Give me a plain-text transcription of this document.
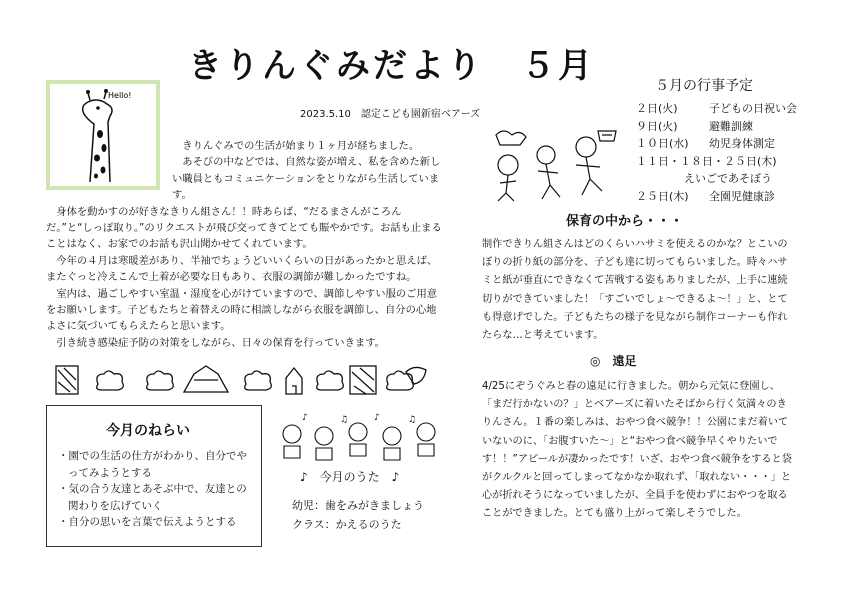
きりんぐみだより　５月	５月の行事予定
２日(火)	子どもの日祝い会
９日(火)	避難訓練
１０日(水)	幼児身体測定
１１日・１８日・２５日(木)
えいごであそぼう
２５日(木)	全園児健康診
Hello!
2023.5.10　認定こども園新宿ベアーズ

きりんぐみでの生活が始まり１ヶ月が経ちました。

あそびの中などでは、自然な姿が増え、私を含めた新しい職員ともコミュニケーションをとりながら生活しています。

身体を動かすのが好きなきりん組さん！！時あらば、“だるまさんがころんだ。”と“しっぽ取り。”のリクエストが飛び交ってきてとても賑やかです。お話も止まることはなく、お家でのお話も沢山聞かせてくれています。

今年の４月は寒暖差があり、半袖でちょうどいいくらいの日があったかと思えば、またぐっと冷えこんで上着が必要な日もあり、衣服の調節が難しかったですね。

室内は、過ごしやすい室温・湿度を心がけていますので、調節しやすい服のご用意をお願いします。子どもたちと着替えの時に相談しながら衣服を調節し、自分の心地よさに気づいてもらえたらと思います。

引き続き感染症予防の対策をしながら、日々の保育を行っていきます。

保育の中から・・・

制作できりん組さんはどのくらいハサミを使えるのかな？とこいのぼりの折り紙の部分を、子ども達に切ってもらいました。時々ハサミと紙が垂直にできなくて苦戦する姿もありましたが、上手に連続切りができていました！「すごいでしょ～できるよ～！」と、とても得意げでした。子どもたちの様子を見ながら制作コーナーも作れたらな…と考えています。

◎　遠足

4/25にぞうぐみと春の遠足に行きました。朝から元気に登園し、「まだ行かないの？」とベアーズに着いたそばから行く気満々のきりんさん。１番の楽しみは、おやつ食べ競争！！公園にまだ着いていないのに、「お腹すいた～」と“おやつ食べ競争早くやりたいです！！”アピールが凄かったです！いざ、おやつ食べ競争をすると袋がクルクルと回ってしまってなかなか取れず、「取れない・・・」と心が折れそうになっていましたが、全員手を使わずにおやつを取ることができました。とても盛り上がって楽しそうでした。

今月のねらい
・園での生活の仕方がわかり、自分でやってみようとする
・気の合う友達とあそぶ中で、友達との関わりを広げていく
・自分の思いを言葉で伝えようとする
♪	♫	♪	♫
♪　今月のうた　♪
幼児：歯をみがきましょう
クラス：かえるのうた
